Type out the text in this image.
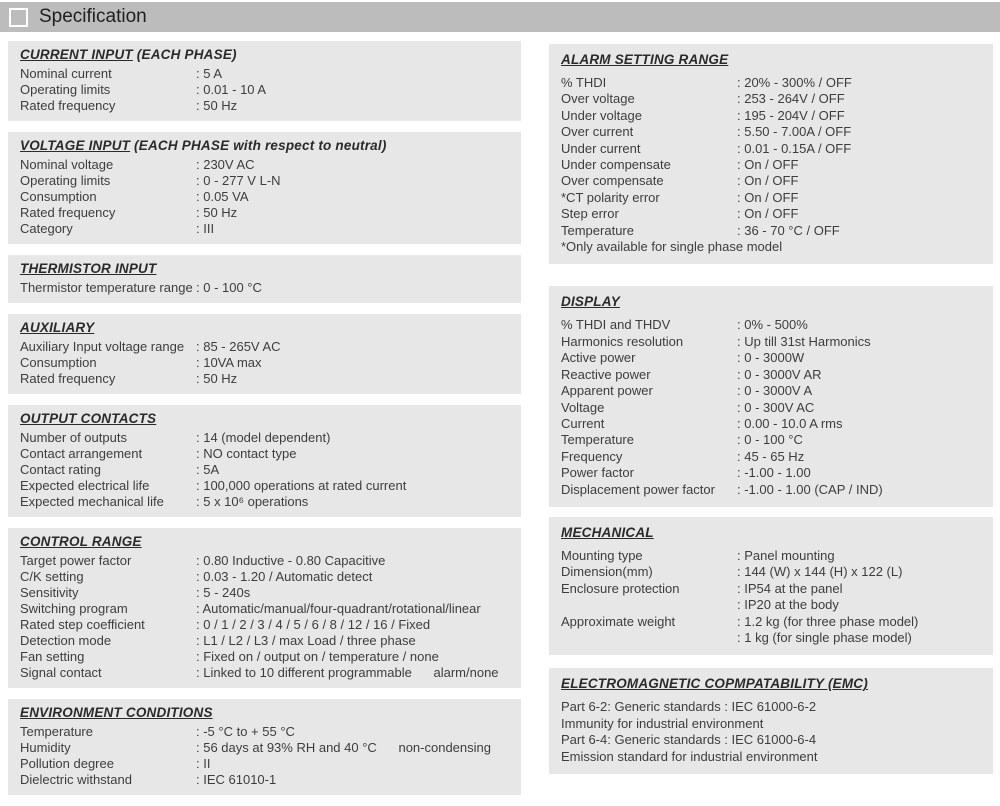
Specification
CURRENT INPUT (EACH PHASE)
Nominal current	: 5 A
Operating limits	: 0.01 - 10 A
Rated frequency	: 50 Hz
VOLTAGE INPUT (EACH PHASE with respect to neutral)
Nominal voltage	: 230V AC
Operating limits	: 0 - 277 V L-N
Consumption	: 0.05 VA
Rated frequency	: 50 Hz
Category	: III
THERMISTOR INPUT
Thermistor temperature range : 0 - 100 °C
AUXILIARY
Auxiliary Input voltage range : 85 - 265V AC
Consumption	: 10VA max
Rated frequency	: 50 Hz
OUTPUT CONTACTS
Number of outputs	: 14 (model dependent)
Contact arrangement	: NO contact type
Contact rating	: 5A
Expected electrical life	: 100,000 operations at rated current
Expected mechanical life	: 5 x 10⁶ operations
CONTROL RANGE
Target power factor	: 0.80 Inductive - 0.80 Capacitive
C/K setting	: 0.03 - 1.20 / Automatic detect
Sensitivity	: 5 - 240s
Switching program	: Automatic/manual/four-quadrant/rotational/linear
Rated step coefficient	: 0 / 1 / 2 / 3 / 4 / 5 / 6 / 8 / 12 / 16 / Fixed
Detection mode	: L1 / L2 / L3 / max Load / three phase
Fan setting	: Fixed on / output on / temperature / none
Signal contact	: Linked to 10 different programmable      alarm/none
ENVIRONMENT CONDITIONS
Temperature	: -5 °C to + 55 °C
Humidity	: 56 days at 93% RH and 40 °C      non-condensing
Pollution degree	: II
Dielectric withstand	: IEC 61010-1
ALARM SETTING RANGE
% THDI	: 20% - 300% / OFF
Over voltage	: 253 - 264V / OFF
Under voltage	: 195 - 204V / OFF
Over current	: 5.50 - 7.00A / OFF
Under current	: 0.01 - 0.15A / OFF
Under compensate	: On / OFF
Over compensate	: On / OFF
*CT polarity error	: On / OFF
Step error	: On / OFF
Temperature	: 36 - 70 °C / OFF
*Only available for single phase model
DISPLAY
% THDI and THDV	: 0% - 500%
Harmonics resolution	: Up till 31st Harmonics
Active power	: 0 - 3000W
Reactive power	: 0 - 3000V AR
Apparent power	: 0 - 3000V A
Voltage	: 0 - 300V AC
Current	: 0.00 - 10.0 A rms
Temperature	: 0 - 100 °C
Frequency	: 45 - 65 Hz
Power factor	: -1.00 - 1.00
Displacement power factor	: -1.00 - 1.00 (CAP / IND)
MECHANICAL
Mounting type	: Panel mounting
Dimension(mm)	: 144 (W) x 144 (H) x 122 (L)
Enclosure protection	: IP54 at the panel
: IP20 at the body
Approximate weight	: 1.2 kg (for three phase model)
: 1 kg (for single phase model)
ELECTROMAGNETIC COPMPATABILITY (EMC)
Part 6-2: Generic standards : IEC 61000-6-2
Immunity for industrial environment
Part 6-4: Generic standards : IEC 61000-6-4
Emission standard for industrial environment
